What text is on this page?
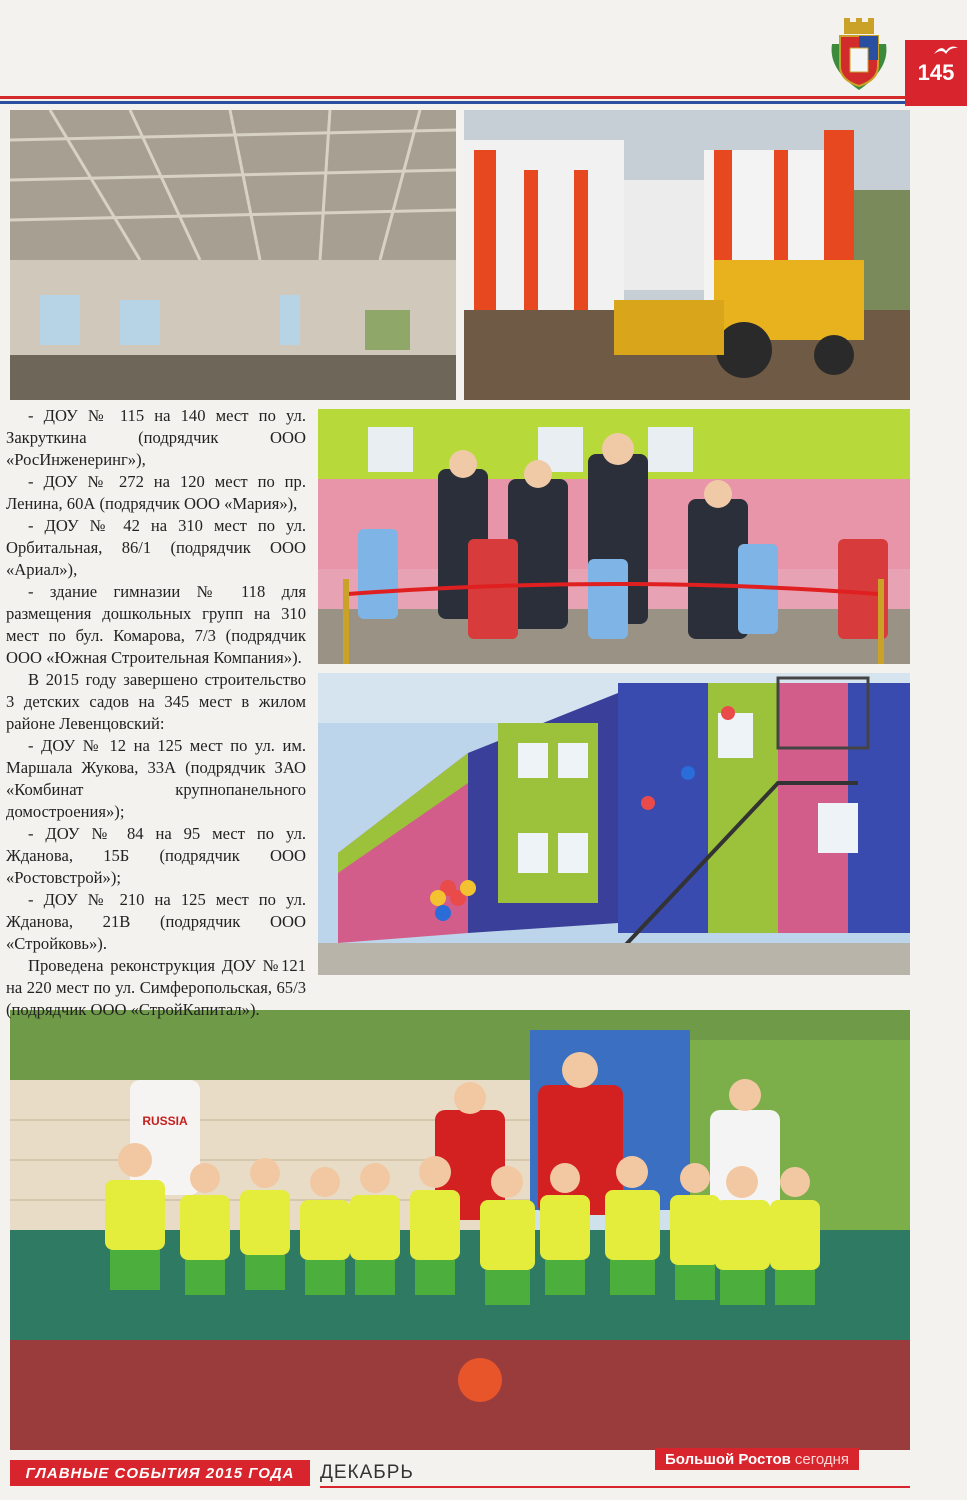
145
RUSSIA

- ДОУ № 115 на 140 мест по ул. Закруткина (подрядчик ООО «РосИнженеринг»),

- ДОУ № 272 на 120 мест по пр. Ленина, 60А (подрядчик ООО «Мария»),

- ДОУ № 42 на 310 мест по ул. Орбитальная, 86/1 (подрядчик ООО «Ариал»),

- здание гимназии № 118 для размещения дошкольных групп на 310 мест по бул. Комарова, 7/3 (подрядчик ООО «Южная Строительная Компания»).

В 2015 году завершено строительство 3 детских садов на 345 мест в жилом районе Левенцовский:

- ДОУ № 12 на 125 мест по ул. им. Маршала Жукова, 33А (подрядчик ЗАО «Комбинат крупнопанельного домостроения»);

- ДОУ № 84 на 95 мест по ул. Жданова, 15Б (подрядчик ООО «Ростовстрой»);

- ДОУ № 210 на 125 мест по ул. Жданова, 21В (подрядчик ООО «Стройковь»).

Проведена реконструкция ДОУ №121 на 220 мест по ул. Симферопольская, 65/3 (подрядчик ООО «СтройКапитал»).

ГЛАВНЫЕ СОБЫТИЯ 2015 ГОДА	ДЕКАБРЬ
Большой Ростов сегодня
